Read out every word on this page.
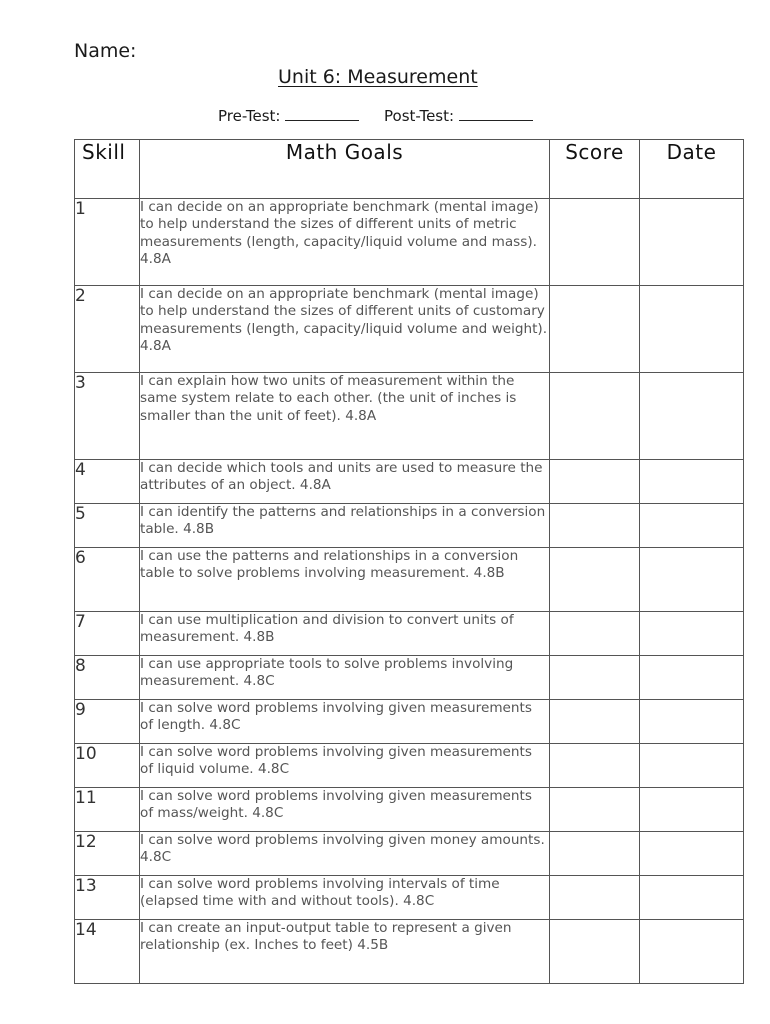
Name:
Unit 6: Measurement
Pre-Test:	Post-Test:
Skill	Math Goals	Score	Date
1	I can decide on an appropriate benchmark (mental image) to help understand the sizes of different units of metric measurements (length, capacity/liquid volume and mass). 4.8A		
2	I can decide on an appropriate benchmark (mental image) to help understand the sizes of different units of customary measurements (length, capacity/liquid volume and weight). 4.8A		
3	I can explain how two units of measurement within the same system relate to each other. (the unit of inches is smaller than the unit of feet). 4.8A		
4	I can decide which tools and units are used to measure the attributes of an object. 4.8A		
5	I can identify the patterns and relationships in a conversion table. 4.8B		
6	I can use the patterns and relationships in a conversion table to solve problems involving measurement. 4.8B		
7	I can use multiplication and division to convert units of measurement. 4.8B		
8	I can use appropriate tools to solve problems involving measurement. 4.8C		
9	I can solve word problems involving given measurements of length. 4.8C		
10	I can solve word problems involving given measurements of liquid volume. 4.8C		
11	I can solve word problems involving given measurements of mass/weight. 4.8C		
12	I can solve word problems involving given money amounts. 4.8C		
13	I can solve word problems involving intervals of time (elapsed time with and without tools). 4.8C		
14	I can create an input-output table to represent a given relationship (ex. Inches to feet) 4.5B		
